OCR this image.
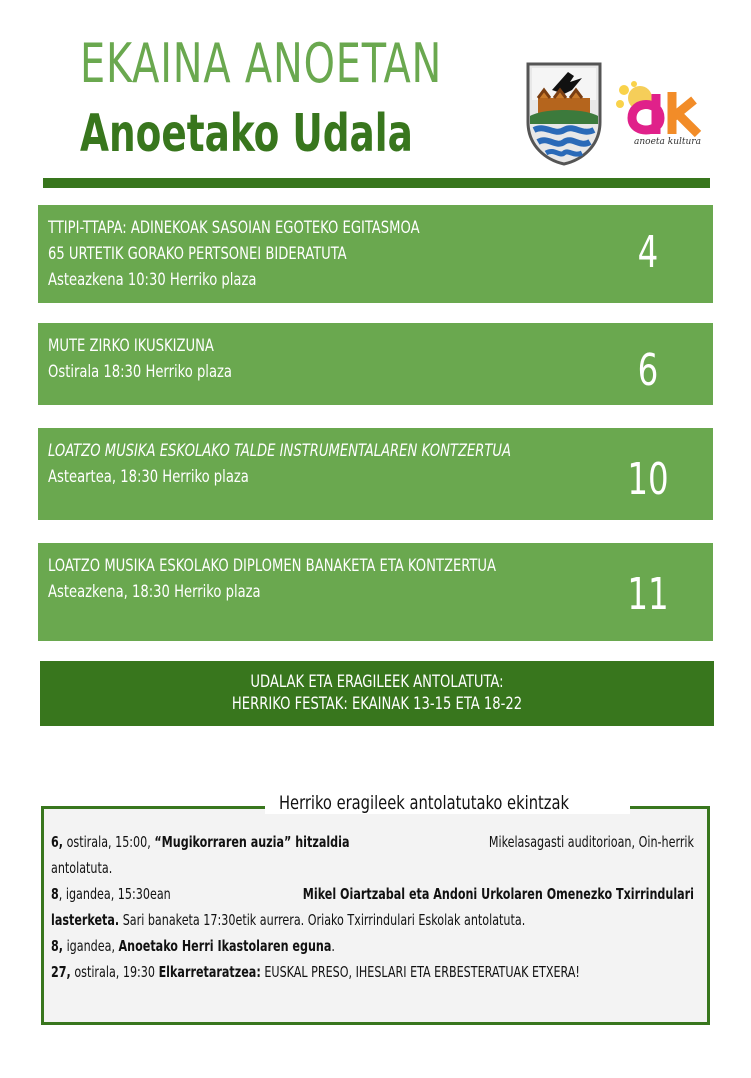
EKAINA ANOETAN
Anoetako Udala	anoeta kultura
TTIPI-TTAPA: ADINEKOAK SASOIAN EGOTEKO EGITASMOA
65 URTETIK GORAKO PERTSONEI BIDERATUTA
Asteazkena 10:30 Herriko plaza
4
MUTE ZIRKO IKUSKIZUNA
Ostirala 18:30 Herriko plaza	6
LOATZO MUSIKA ESKOLAKO TALDE INSTRUMENTALAREN KONTZERTUA
Asteartea, 18:30 Herriko plaza	10
LOATZO MUSIKA ESKOLAKO DIPLOMEN BANAKETA ETA KONTZERTUA
Asteazkena, 18:30 Herriko plaza	11
UDALAK ETA ERAGILEEK ANTOLATUTA:
HERRIKO FESTAK: EKAINAK 13-15 ETA 18-22
Herriko eragileek antolatutako ekintzak
6, ostirala, 15:00, “Mugikorraren auzia” hitzaldia	Mikelasagasti auditorioan, Oin-herrik
antolatuta.
8, igandea, 15:30ean	Mikel Oiartzabal eta Andoni Urkolaren Omenezko Txirrindulari
lasterketa. Sari banaketa 17:30etik aurrera. Oriako Txirrindulari Eskolak antolatuta.
8, igandea, Anoetako Herri Ikastolaren eguna.
27, ostirala, 19:30 Elkarretaratzea: EUSKAL PRESO, IHESLARI ETA ERBESTERATUAK ETXERA!
